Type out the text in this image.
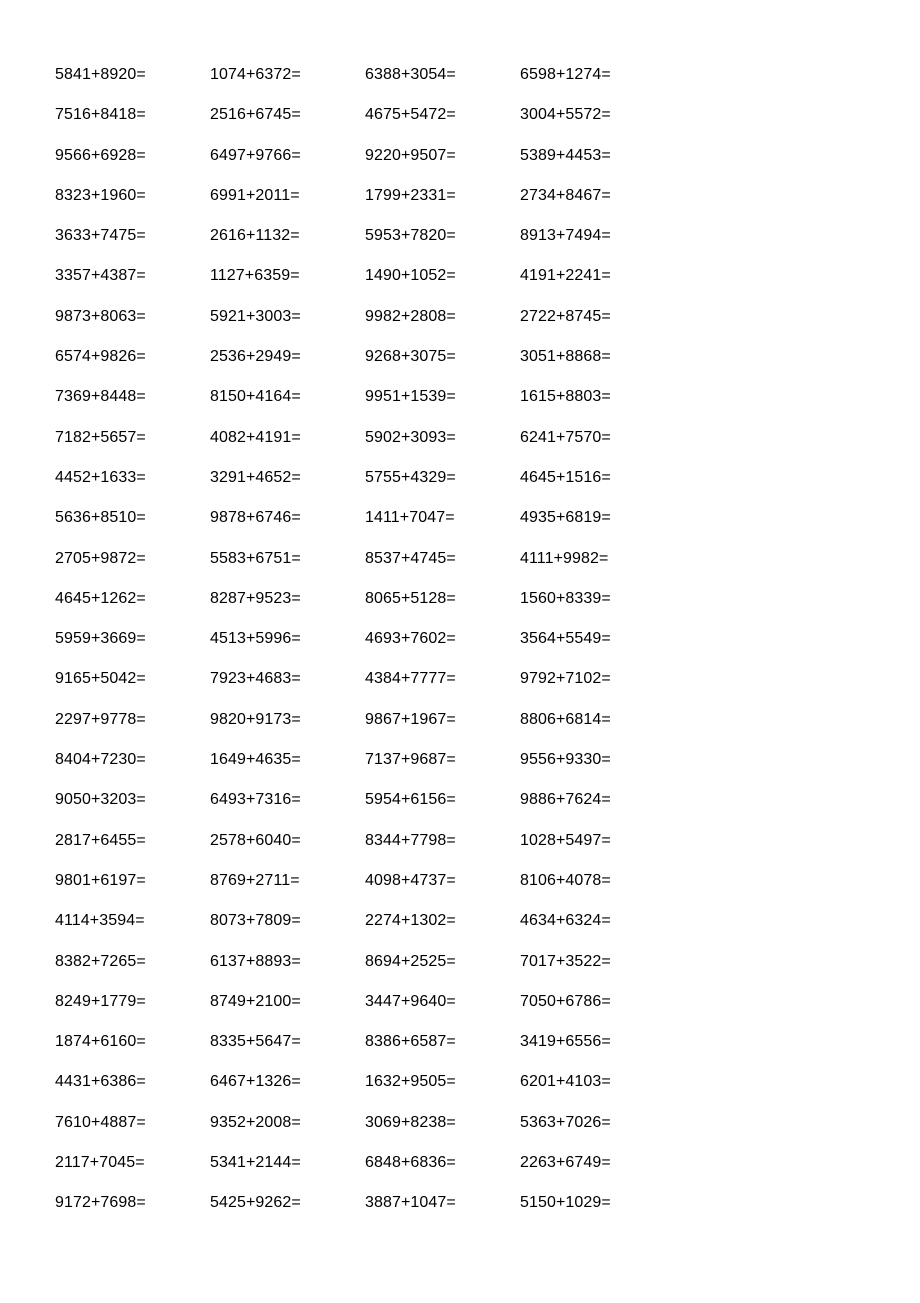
5841+8920=	1074+6372=	6388+3054=	6598+1274=
7516+8418=	2516+6745=	4675+5472=	3004+5572=
9566+6928=	6497+9766=	9220+9507=	5389+4453=
8323+1960=	6991+2011=	1799+2331=	2734+8467=
3633+7475=	2616+1132=	5953+7820=	8913+7494=
3357+4387=	1127+6359=	1490+1052=	4191+2241=
9873+8063=	5921+3003=	9982+2808=	2722+8745=
6574+9826=	2536+2949=	9268+3075=	3051+8868=
7369+8448=	8150+4164=	9951+1539=	1615+8803=
7182+5657=	4082+4191=	5902+3093=	6241+7570=
4452+1633=	3291+4652=	5755+4329=	4645+1516=
5636+8510=	9878+6746=	1411+7047=	4935+6819=
2705+9872=	5583+6751=	8537+4745=	4111+9982=
4645+1262=	8287+9523=	8065+5128=	1560+8339=
5959+3669=	4513+5996=	4693+7602=	3564+5549=
9165+5042=	7923+4683=	4384+7777=	9792+7102=
2297+9778=	9820+9173=	9867+1967=	8806+6814=
8404+7230=	1649+4635=	7137+9687=	9556+9330=
9050+3203=	6493+7316=	5954+6156=	9886+7624=
2817+6455=	2578+6040=	8344+7798=	1028+5497=
9801+6197=	8769+2711=	4098+4737=	8106+4078=
4114+3594=	8073+7809=	2274+1302=	4634+6324=
8382+7265=	6137+8893=	8694+2525=	7017+3522=
8249+1779=	8749+2100=	3447+9640=	7050+6786=
1874+6160=	8335+5647=	8386+6587=	3419+6556=
4431+6386=	6467+1326=	1632+9505=	6201+4103=
7610+4887=	9352+2008=	3069+8238=	5363+7026=
2117+7045=	5341+2144=	6848+6836=	2263+6749=
9172+7698=	5425+9262=	3887+1047=	5150+1029=
